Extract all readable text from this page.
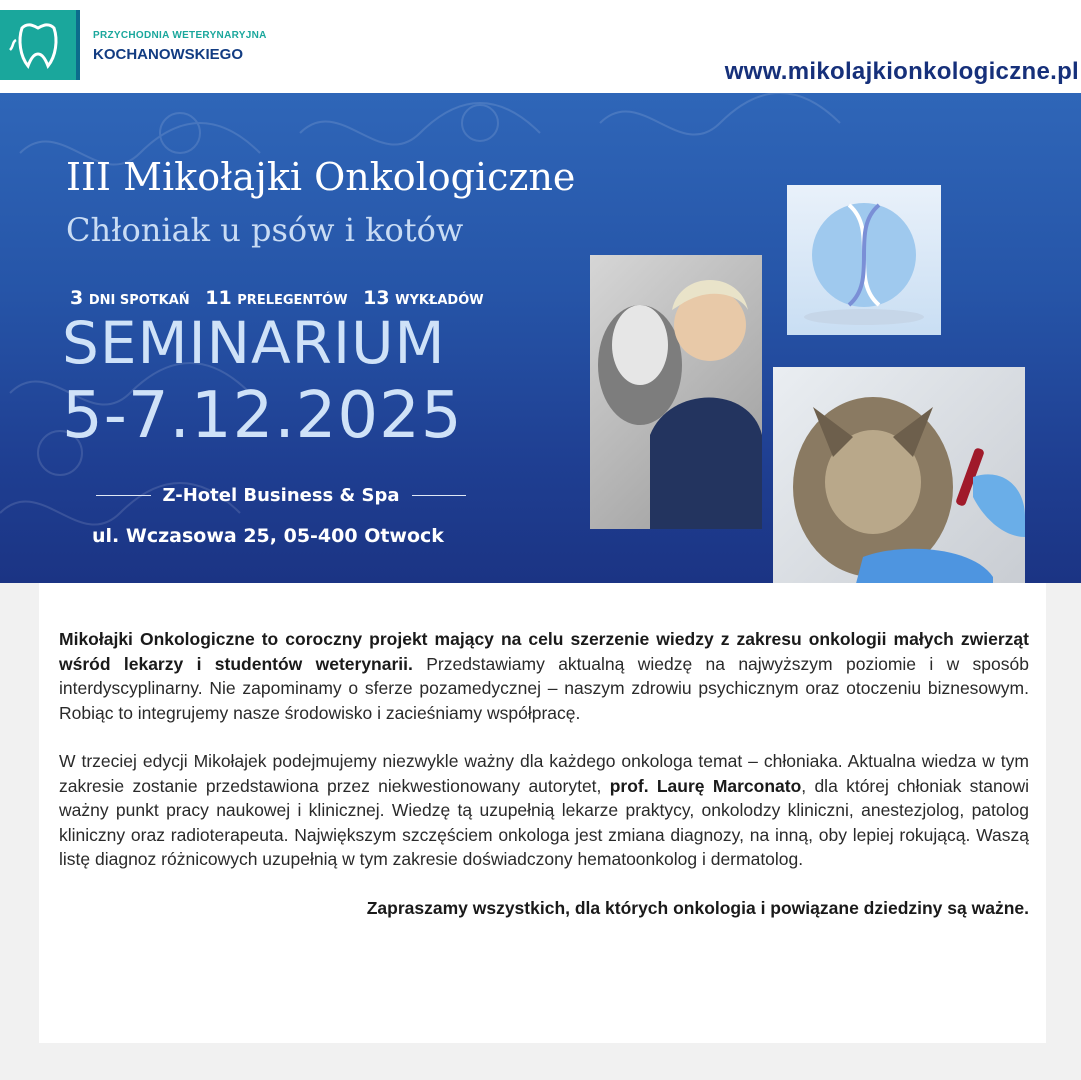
PRZYCHODNIA WETERYNARYJNA
KOCHANOWSKIEGO
www.mikolajkionkologiczne.pl
III Mikołajki Onkologiczne
Chłoniak u psów i kotów
3 DNI SPOTKAŃ 11 PRELEGENTÓW 13 WYKŁADÓW
SEMINARIUM
5-7.12.2025
Z-Hotel Business & Spa
ul. Wczasowa 25, 05-400 Otwock

Mikołajki Onkologiczne to coroczny projekt mający na celu szerzenie wiedzy z zakresu onkologii małych zwierząt wśród lekarzy i studentów weterynarii. Przedstawiamy aktualną wiedzę na najwyższym poziomie i w sposób interdyscyplinarny. Nie zapominamy o sferze pozamedycznej – naszym zdrowiu psychicznym oraz otoczeniu biznesowym. Robiąc to integrujemy nasze środowisko i zacieśniamy współpracę.

W trzeciej edycji Mikołajek podejmujemy niezwykle ważny dla każdego onkologa temat – chłoniaka. Aktualna wiedza w tym zakresie zostanie przedstawiona przez niekwestionowany autorytet, prof. Laurę Marconato, dla której chłoniak stanowi ważny punkt pracy naukowej i klinicznej. Wiedzę tą uzupełnią lekarze praktycy, onkolodzy kliniczni, anestezjolog, patolog kliniczny oraz radioterapeuta. Największym szczęściem onkologa jest zmiana diagnozy, na inną, oby lepiej rokującą. Waszą listę diagnoz różnicowych uzupełnią w tym zakresie doświadczony hematoonkolog i dermatolog.

Zapraszamy wszystkich, dla których onkologia i powiązane dziedziny są ważne.
